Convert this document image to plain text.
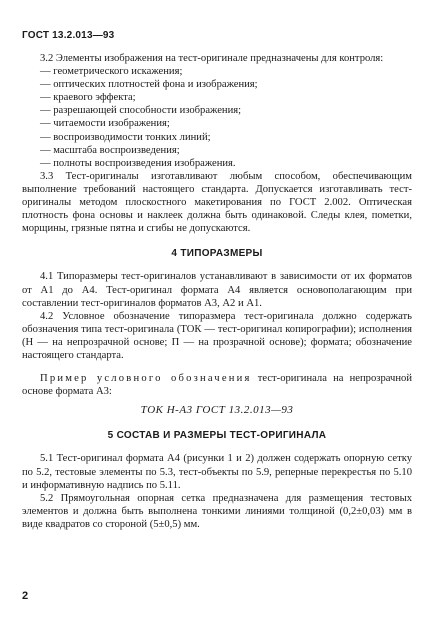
ГОСТ 13.2.013—93

3.2 Элементы изображения на тест-оригинале предназначены для контроля:

— геометрического искажения;
— оптических плотностей фона и изображения;
— краевого эффекта;
— разрешающей способности изображения;
— читаемости изображения;
— воспроизводимости тонких линий;
— масштаба воспроизведения;
— полноты воспроизведения изображения.

3.3 Тест-оригиналы изготавливают любым способом, обеспечивающим выполнение требований настоящего стандарта. Допускается изготавливать тест-оригиналы методом плоскостного макетирования по ГОСТ 2.002. Оптическая плотность фона основы и наклеек должна быть одинаковой. Следы клея, пометки, морщины, грязные пятна и сгибы не допускаются.

4 ТИПОРАЗМЕРЫ

4.1 Типоразмеры тест-оригиналов устанавливают в зависимости от их форматов от А1 до А4. Тест-оригинал формата А4 является основополагающим при составлении тест-оригиналов форматов А3, А2 и А1.

4.2 Условное обозначение типоразмера тест-оригинала должно содержать обозначения типа тест-оригинала (ТОК — тест-оригинал копирографии); исполнения (Н — на непрозрачной основе; П — на прозрачной основе); формата; обозначение настоящего стандарта.

Пример условного обозначения тест-оригинала на непрозрачной основе формата А3:

ТОК Н-А3 ГОСТ 13.2.013—93
5 СОСТАВ И РАЗМЕРЫ ТЕСТ-ОРИГИНАЛА

5.1 Тест-оригинал формата А4 (рисунки 1 и 2) должен содержать опорную сетку по 5.2, тестовые элементы по 5.3, тест-объекты по 5.9, реперные перекрестья по 5.10 и информативную надпись по 5.11.

5.2 Прямоугольная опорная сетка предназначена для размещения тестовых элементов и должна быть выполнена тонкими линиями толщиной (0,2±0,03) мм в виде квадратов со стороной (5±0,5) мм.

2
